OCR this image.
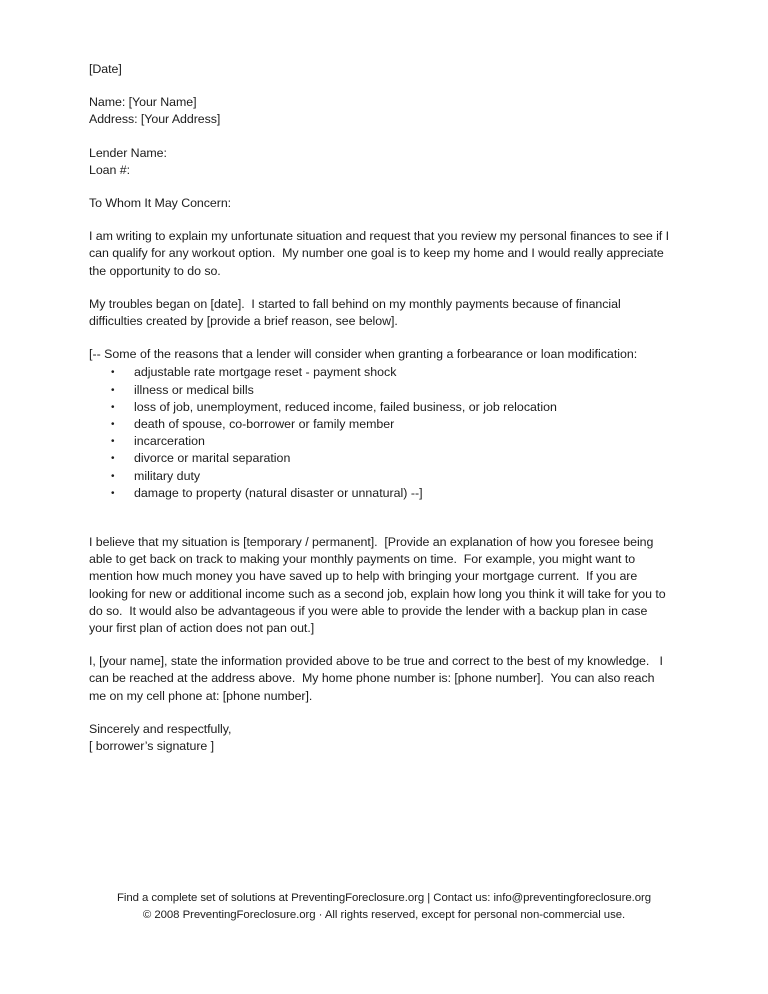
[Date]

Name: [Your Name]

Address: [Your Address]

Lender Name:

Loan #:

To Whom It May Concern:

I am writing to explain my unfortunate situation and request that you review my personal finances to see if I can qualify for any workout option.  My number one goal is to keep my home and I would really appreciate the opportunity to do so.

My troubles began on [date].  I started to fall behind on my monthly payments because of financial difficulties created by [provide a brief reason, see below].

[-- Some of the reasons that a lender will consider when granting a forbearance or loan modification:

• adjustable rate mortgage reset - payment shock
• illness or medical bills
• loss of job, unemployment, reduced income, failed business, or job relocation
• death of spouse, co-borrower or family member
• incarceration
• divorce or marital separation
• military duty
• damage to property (natural disaster or unnatural) --]

I believe that my situation is [temporary / permanent].  [Provide an explanation of how you foresee being able to get back on track to making your monthly payments on time.  For example, you might want to mention how much money you have saved up to help with bringing your mortgage current.  If you are looking for new or additional income such as a second job, explain how long you think it will take for you to do so.  It would also be advantageous if you were able to provide the lender with a backup plan in case your first plan of action does not pan out.]

I, [your name], state the information provided above to be true and correct to the best of my knowledge.   I can be reached at the address above.  My home phone number is: [phone number].  You can also reach me on my cell phone at: [phone number].

Sincerely and respectfully,

[ borrower’s signature ]

Find a complete set of solutions at PreventingForeclosure.org | Contact us: info@preventingforeclosure.org

© 2008 PreventingForeclosure.org · All rights reserved, except for personal non-commercial use.
